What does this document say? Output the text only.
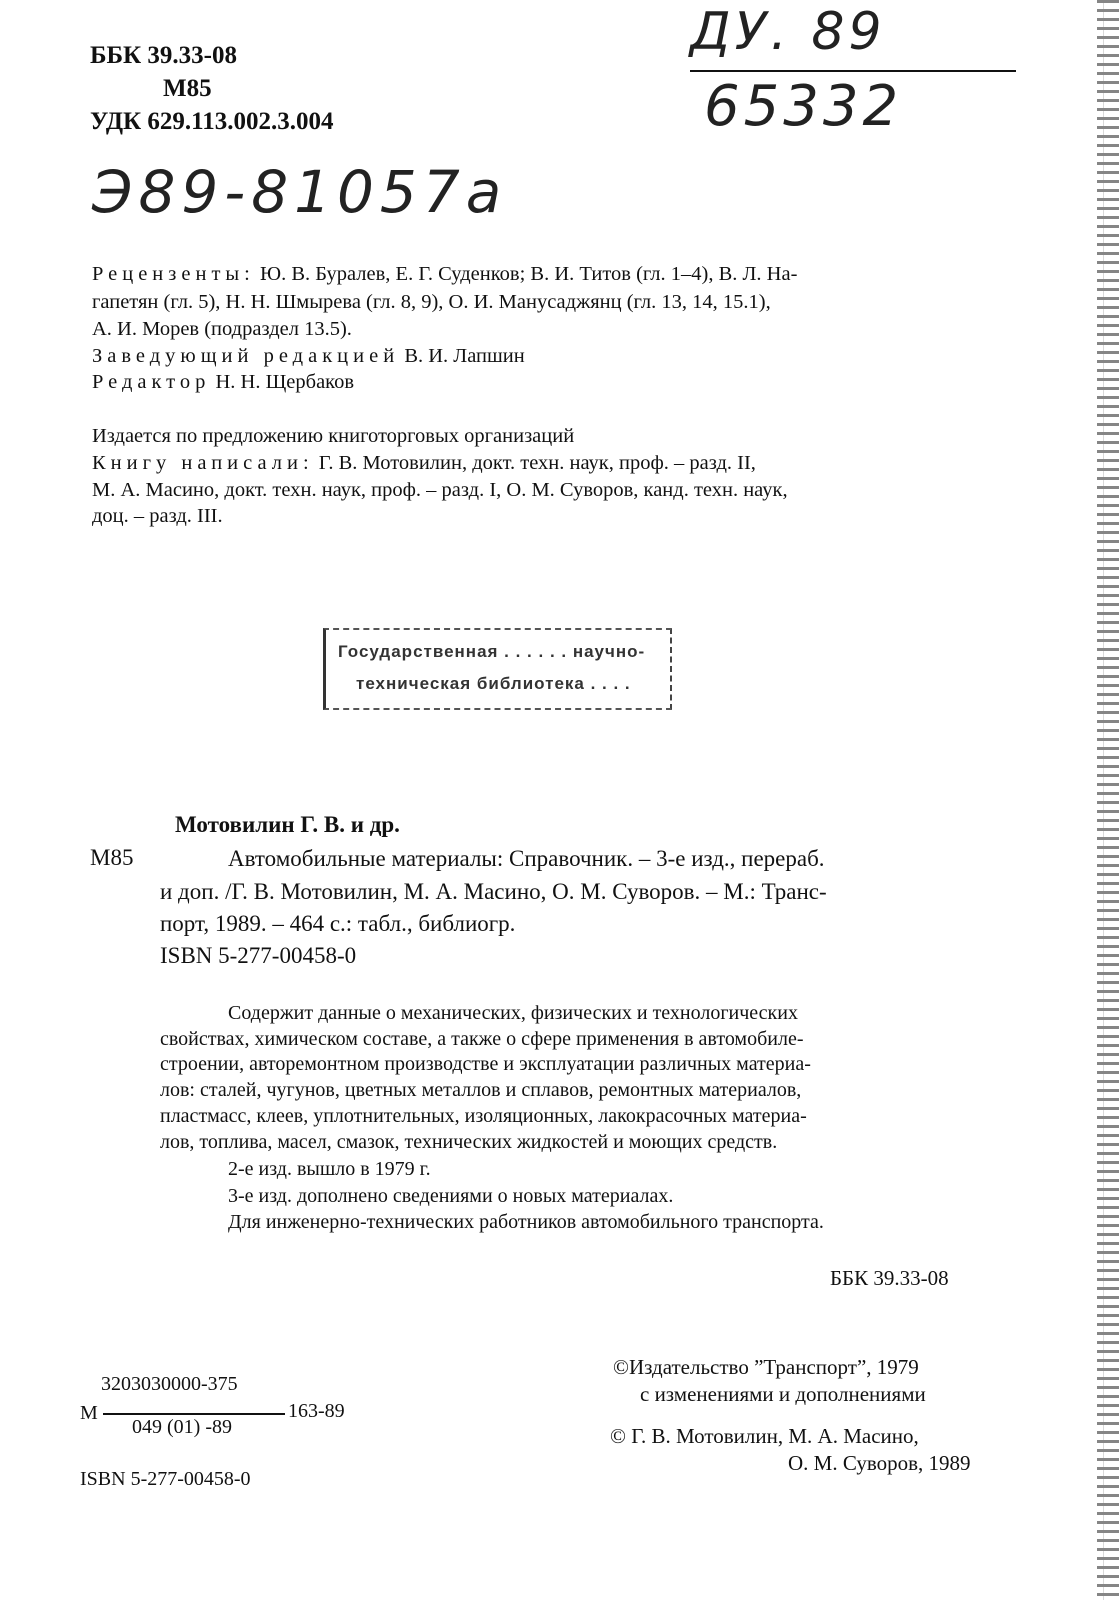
ББК 39.33-08
М85
УДК 629.113.002.3.004
ДУ. 89
65332
Э89-81057а
Рецензенты: Ю. В. Буралев, Е. Г. Суденков; В. И. Титов (гл. 1–4), В. Л. На-
гапетян (гл. 5), Н. Н. Шмырева (гл. 8, 9), О. И. Манусаджянц (гл. 13, 14, 15.1),
А. И. Морев (подраздел 13.5).
Заведующий редакцией В. И. Лапшин
Редактор Н. Н. Щербаков
Издается по предложению книготорговых организаций
Книгу написали: Г. В. Мотовилин, докт. техн. наук, проф. – разд. II,
М. А. Масино, докт. техн. наук, проф. – разд. I, О. М. Суворов, канд. техн. наук,
доц. – разд. III.
Государственная . . . . . . научно-
техническая библиотека . . . .
Мотовилин Г. В. и др.
М85	Автомобильные материалы: Справочник. – 3-е изд., перераб.
и доп. /Г. В. Мотовилин, М. А. Масино, О. М. Суворов. – М.: Транс-
порт, 1989. – 464 с.: табл., библиогр.
ISBN 5-277-00458-0
Содержит данные о механических, физических и технологических
свойствах, химическом составе, а также о сфере применения в автомобиле-
строении, авторемонтном производстве и эксплуатации различных материа-
лов: сталей, чугунов, цветных металлов и сплавов, ремонтных материалов,
пластмасс, клеев, уплотнительных, изоляционных, лакокрасочных материа-
лов, топлива, масел, смазок, технических жидкостей и моющих средств.
2-е изд. вышло в 1979 г.
3-е изд. дополнено сведениями о новых материалах.
Для инженерно-технических работников автомобильного транспорта.
ББК 39.33-08
3203030000-375
М	163-89
049 (01) -89
ISBN 5-277-00458-0
©Издательство ”Транспорт”, 1979
с изменениями и дополнениями
© Г. В. Мотовилин, М. А. Масино,
О. М. Суворов, 1989
